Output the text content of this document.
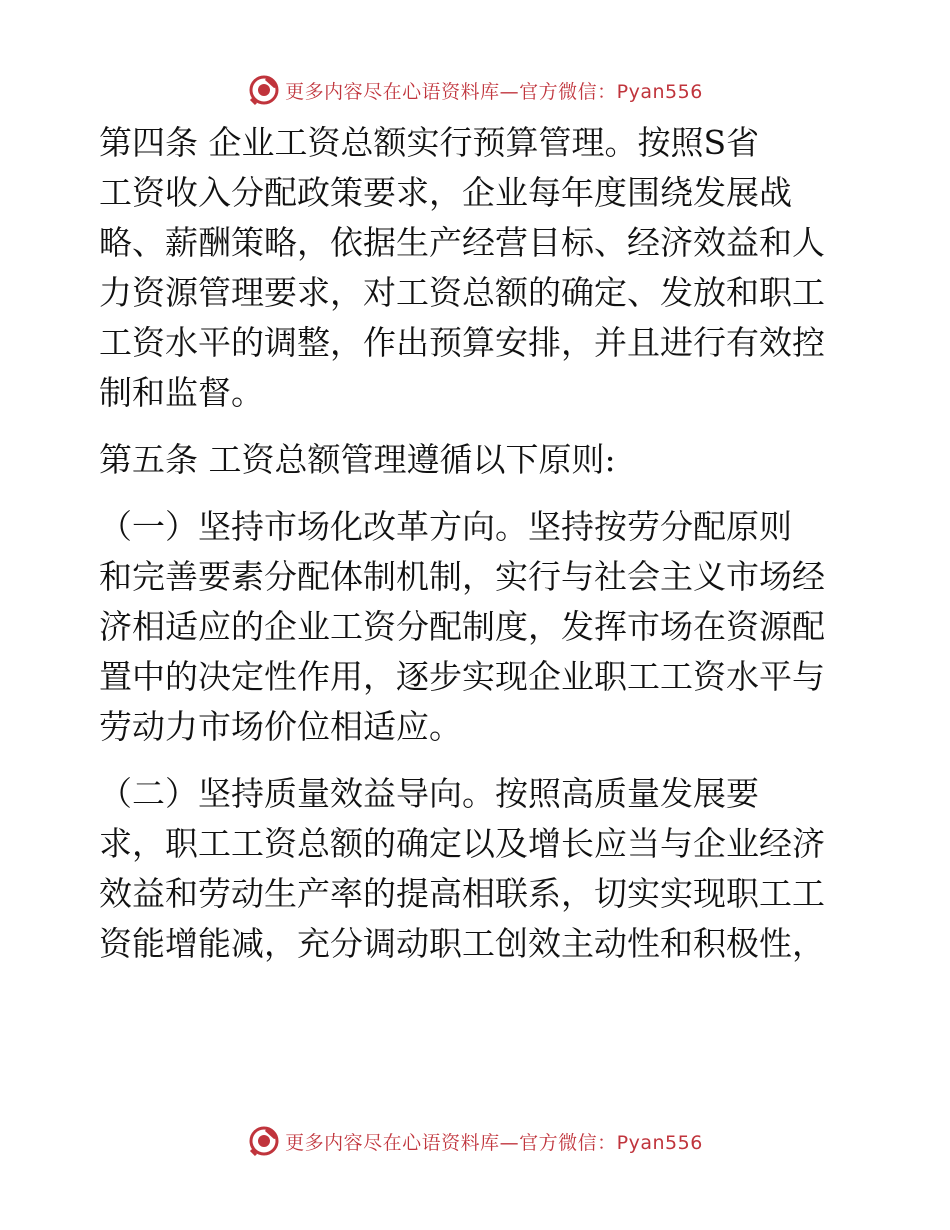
更多内容尽在心语资料库—官方微信：Pyan556

第四条 企业工资总额实行预算管理。按照S省

工资收入分配政策要求，企业每年度围绕发展战

略、薪酬策略，依据生产经营目标、经济效益和人

力资源管理要求，对工资总额的确定、发放和职工

工资水平的调整，作出预算安排，并且进行有效控

制和监督。

第五条 工资总额管理遵循以下原则:

（一）坚持市场化改革方向。坚持按劳分配原则

和完善要素分配体制机制，实行与社会主义市场经

济相适应的企业工资分配制度，发挥市场在资源配

置中的决定性作用，逐步实现企业职工工资水平与

劳动力市场价位相适应。

（二）坚持质量效益导向。按照高质量发展要

求，职工工资总额的确定以及增长应当与企业经济

效益和劳动生产率的提高相联系，切实实现职工工

资能增能减，充分调动职工创效主动性和积极性，

更多内容尽在心语资料库—官方微信：Pyan556
